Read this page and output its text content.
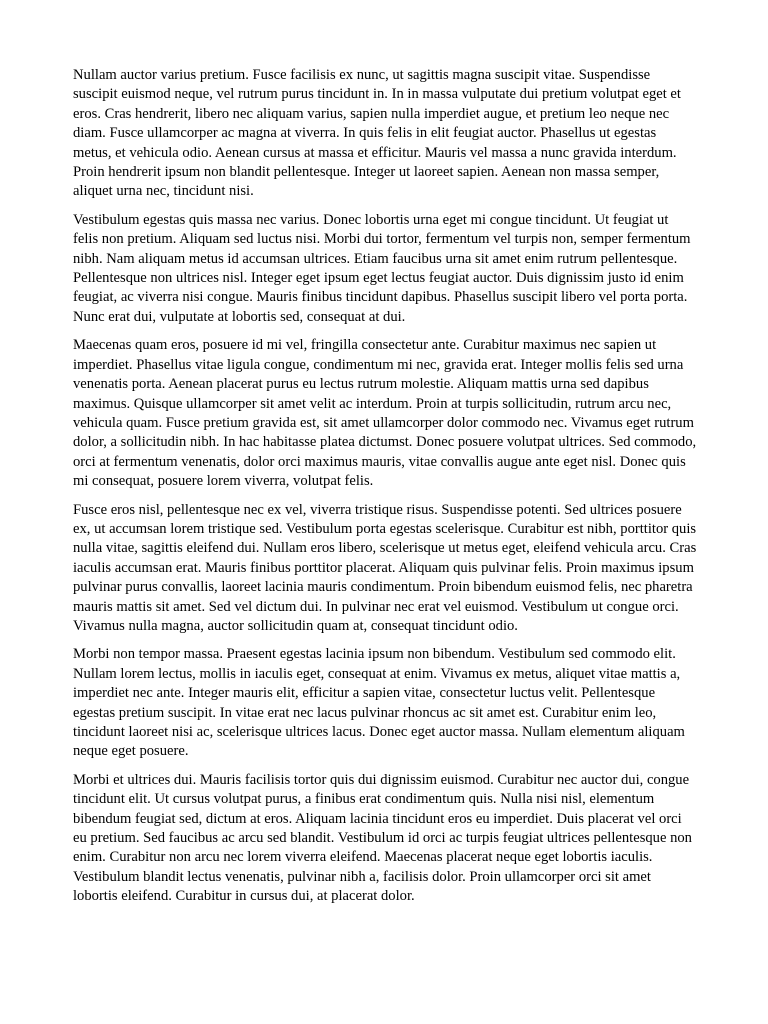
Nullam auctor varius pretium. Fusce facilisis ex nunc, ut sagittis magna suscipit vitae. Suspendisse suscipit euismod neque, vel rutrum purus tincidunt in. In in massa vulputate dui pretium volutpat eget et eros. Cras hendrerit, libero nec aliquam varius, sapien nulla imperdiet augue, et pretium leo neque nec diam. Fusce ullamcorper ac magna at viverra. In quis felis in elit feugiat auctor. Phasellus ut egestas metus, et vehicula odio. Aenean cursus at massa et efficitur. Mauris vel massa a nunc gravida interdum. Proin hendrerit ipsum non blandit pellentesque. Integer ut laoreet sapien. Aenean non massa semper, aliquet urna nec, tincidunt nisi.

Vestibulum egestas quis massa nec varius. Donec lobortis urna eget mi congue tincidunt. Ut feugiat ut felis non pretium. Aliquam sed luctus nisi. Morbi dui tortor, fermentum vel turpis non, semper fermentum nibh. Nam aliquam metus id accumsan ultrices. Etiam faucibus urna sit amet enim rutrum pellentesque. Pellentesque non ultrices nisl. Integer eget ipsum eget lectus feugiat auctor. Duis dignissim justo id enim feugiat, ac viverra nisi congue. Mauris finibus tincidunt dapibus. Phasellus suscipit libero vel porta porta. Nunc erat dui, vulputate at lobortis sed, consequat at dui.

Maecenas quam eros, posuere id mi vel, fringilla consectetur ante. Curabitur maximus nec sapien ut imperdiet. Phasellus vitae ligula congue, condimentum mi nec, gravida erat. Integer mollis felis sed urna venenatis porta. Aenean placerat purus eu lectus rutrum molestie. Aliquam mattis urna sed dapibus maximus. Quisque ullamcorper sit amet velit ac interdum. Proin at turpis sollicitudin, rutrum arcu nec, vehicula quam. Fusce pretium gravida est, sit amet ullamcorper dolor commodo nec. Vivamus eget rutrum dolor, a sollicitudin nibh. In hac habitasse platea dictumst. Donec posuere volutpat ultrices. Sed commodo, orci at fermentum venenatis, dolor orci maximus mauris, vitae convallis augue ante eget nisl. Donec quis mi consequat, posuere lorem viverra, volutpat felis.

Fusce eros nisl, pellentesque nec ex vel, viverra tristique risus. Suspendisse potenti. Sed ultrices posuere ex, ut accumsan lorem tristique sed. Vestibulum porta egestas scelerisque. Curabitur est nibh, porttitor quis nulla vitae, sagittis eleifend dui. Nullam eros libero, scelerisque ut metus eget, eleifend vehicula arcu. Cras iaculis accumsan erat. Mauris finibus porttitor placerat. Aliquam quis pulvinar felis. Proin maximus ipsum pulvinar purus convallis, laoreet lacinia mauris condimentum. Proin bibendum euismod felis, nec pharetra mauris mattis sit amet. Sed vel dictum dui. In pulvinar nec erat vel euismod. Vestibulum ut congue orci. Vivamus nulla magna, auctor sollicitudin quam at, consequat tincidunt odio.

Morbi non tempor massa. Praesent egestas lacinia ipsum non bibendum. Vestibulum sed commodo elit. Nullam lorem lectus, mollis in iaculis eget, consequat at enim. Vivamus ex metus, aliquet vitae mattis a, imperdiet nec ante. Integer mauris elit, efficitur a sapien vitae, consectetur luctus velit. Pellentesque egestas pretium suscipit. In vitae erat nec lacus pulvinar rhoncus ac sit amet est. Curabitur enim leo, tincidunt laoreet nisi ac, scelerisque ultrices lacus. Donec eget auctor massa. Nullam elementum aliquam neque eget posuere.

Morbi et ultrices dui. Mauris facilisis tortor quis dui dignissim euismod. Curabitur nec auctor dui, congue tincidunt elit. Ut cursus volutpat purus, a finibus erat condimentum quis. Nulla nisi nisl, elementum bibendum feugiat sed, dictum at eros. Aliquam lacinia tincidunt eros eu imperdiet. Duis placerat vel orci eu pretium. Sed faucibus ac arcu sed blandit. Vestibulum id orci ac turpis feugiat ultrices pellentesque non enim. Curabitur non arcu nec lorem viverra eleifend. Maecenas placerat neque eget lobortis iaculis. Vestibulum blandit lectus venenatis, pulvinar nibh a, facilisis dolor. Proin ullamcorper orci sit amet lobortis eleifend. Curabitur in cursus dui, at placerat dolor.
